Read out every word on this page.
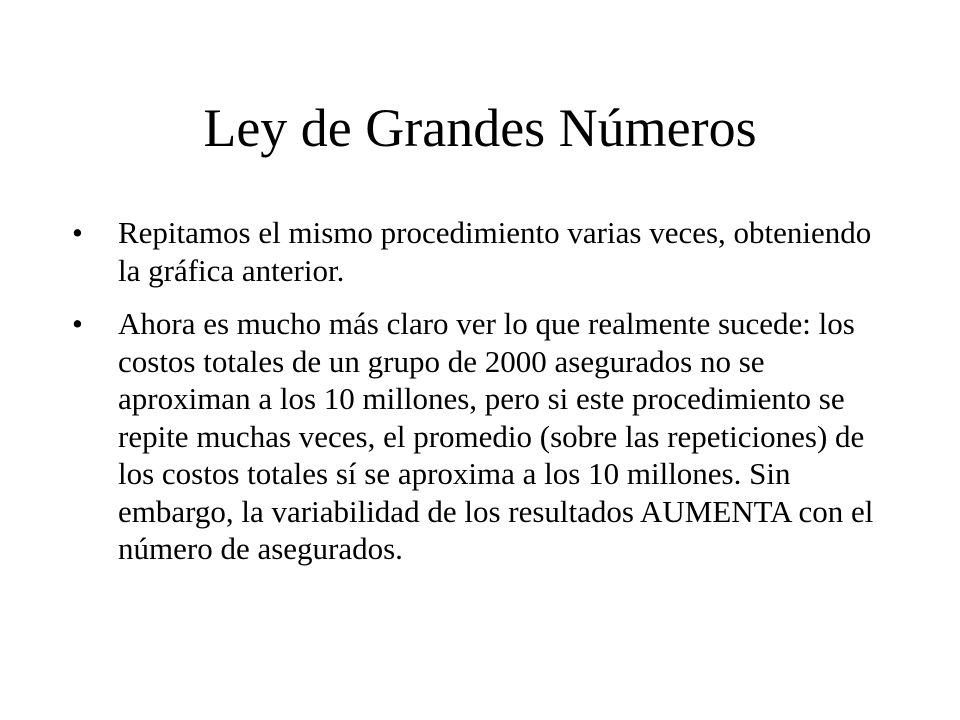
Ley de Grandes Números
•
Repitamos el mismo procedimiento varias veces, obteniendo la gráfica anterior.
•
Ahora es mucho más claro ver lo que realmente sucede: los costos totales de un grupo de 2000 asegurados no se aproximan a los 10 millones, pero si este procedimiento se repite muchas veces, el promedio (sobre las repeticiones) de los costos totales sí se aproxima a los 10 millones. Sin embargo, la variabilidad de los resultados AUMENTA con el número de asegurados.
